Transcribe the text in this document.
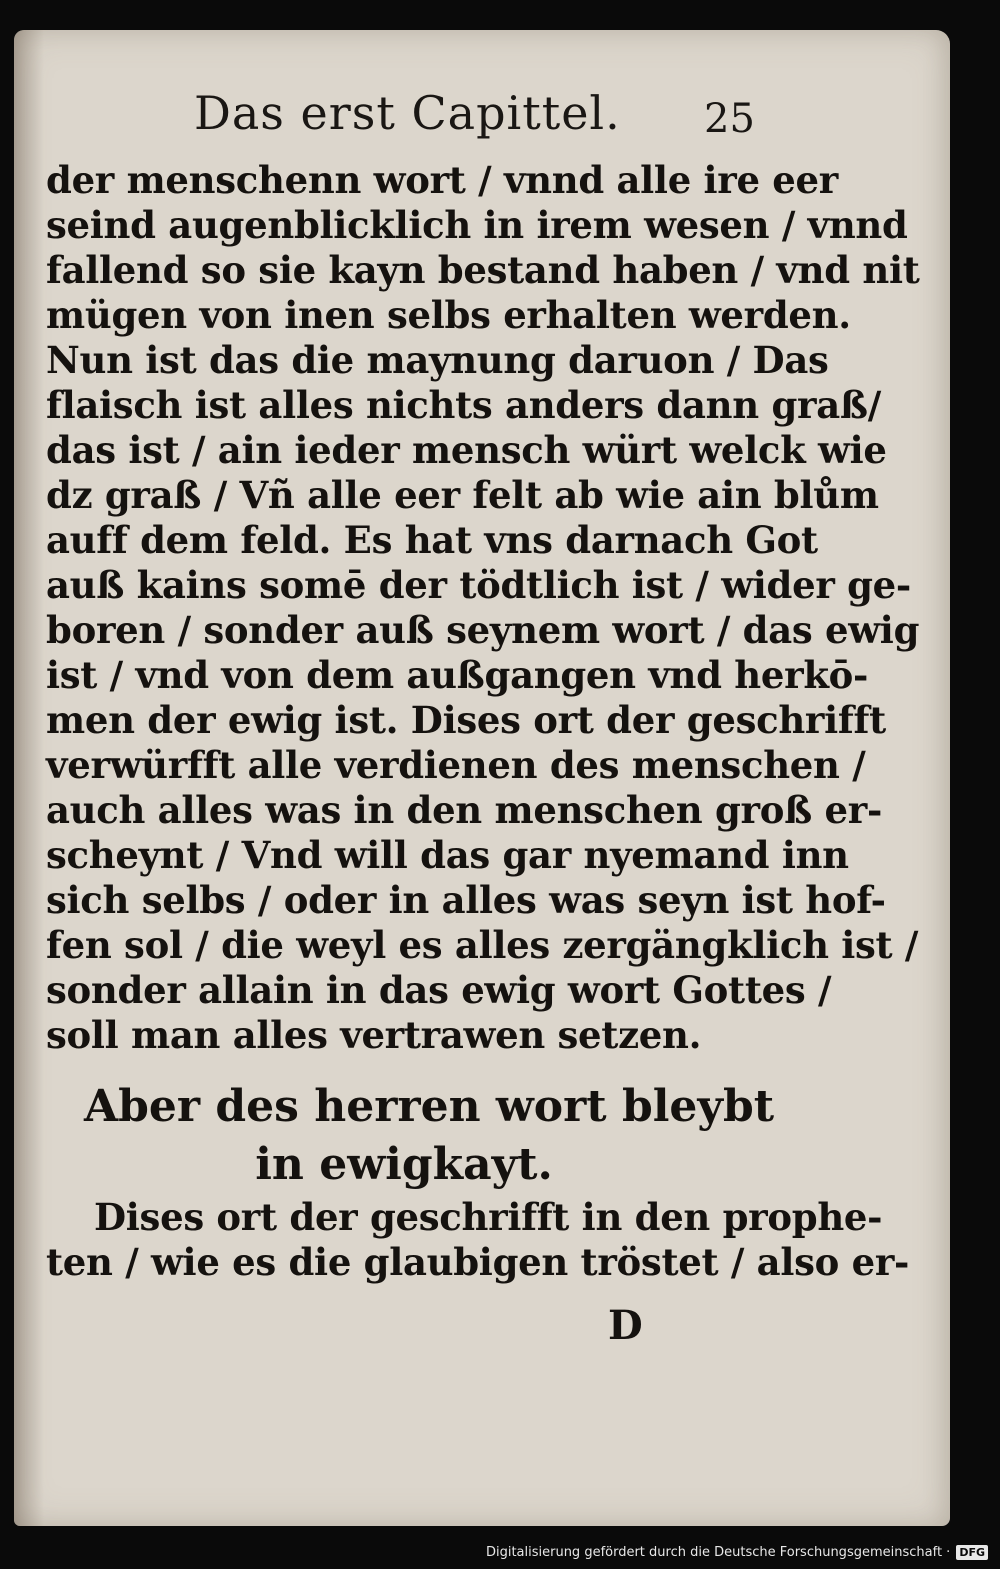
Das erst Capittel. 25
der menschenn wort / vnnd alle ire eer
seind augenblicklich in irem wesen / vnnd
fallend so sie kayn bestand haben / vnd nit
mügen von inen selbs erhalten werden.
Nun ist das die maynung daruon / Das
flaisch ist alles nichts anders dann graß/
das ist / ain ieder mensch würt welck wie
dz graß / Vñ alle eer felt ab wie ain blům
auff dem feld. Es hat vns darnach Got
auß kains somē der tödtlich ist / wider ge-
boren / sonder auß seynem wort / das ewig
ist / vnd von dem außgangen vnd herkō-
men der ewig ist. Dises ort der geschrifft
verwürfft alle verdienen des menschen /
auch alles was in den menschen groß er-
scheynt / Vnd will das gar nyemand inn
sich selbs / oder in alles was seyn ist hof-
fen sol / die weyl es alles zergängklich ist /
sonder allain in das ewig wort Gottes /
soll man alles vertrawen setzen.
Aber des herren wort bleybt
in ewigkayt.
Dises ort der geschrifft in den prophe-
ten / wie es die glaubigen tröstet / also er-
D
Digitalisierung gefördert durch die Deutsche Forschungsgemeinschaft · DFG
